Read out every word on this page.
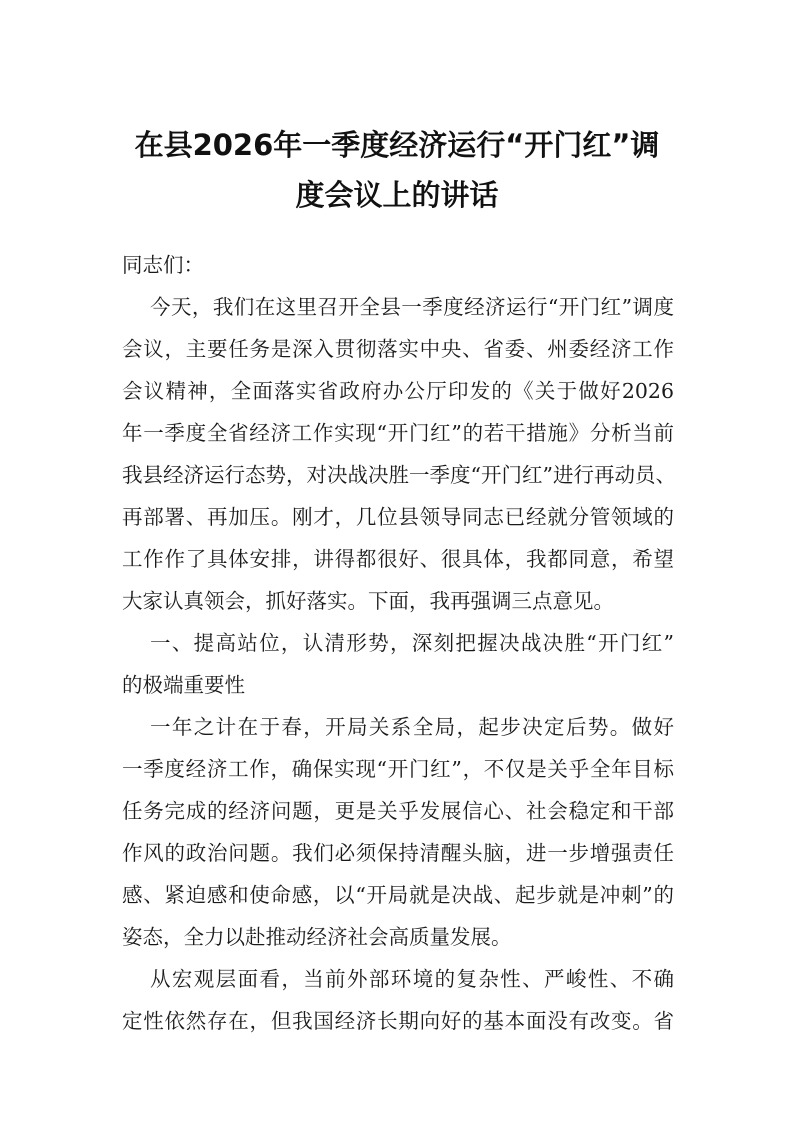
在县2026年一季度经济运行“开门红”调
度会议上的讲话
同志们：
今天，我们在这里召开全县一季度经济运行“开门红”调度
会议，主要任务是深入贯彻落实中央、省委、州委经济工作
会议精神，全面落实省政府办公厅印发的《关于做好2026
年一季度全省经济工作实现“开门红”的若干措施》分析当前
我县经济运行态势，对决战决胜一季度“开门红”进行再动员、
再部署、再加压。刚才，几位县领导同志已经就分管领域的
工作作了具体安排，讲得都很好、很具体，我都同意，希望
大家认真领会，抓好落实。下面，我再强调三点意见。
一、提高站位，认清形势，深刻把握决战决胜“开门红”
的极端重要性
一年之计在于春，开局关系全局，起步决定后势。做好
一季度经济工作，确保实现“开门红”，不仅是关乎全年目标
任务完成的经济问题，更是关乎发展信心、社会稳定和干部
作风的政治问题。我们必须保持清醒头脑，进一步增强责任
感、紧迫感和使命感，以“开局就是决战、起步就是冲刺”的
姿态，全力以赴推动经济社会高质量发展。
从宏观层面看，当前外部环境的复杂性、严峻性、不确
定性依然存在，但我国经济长期向好的基本面没有改变。省
